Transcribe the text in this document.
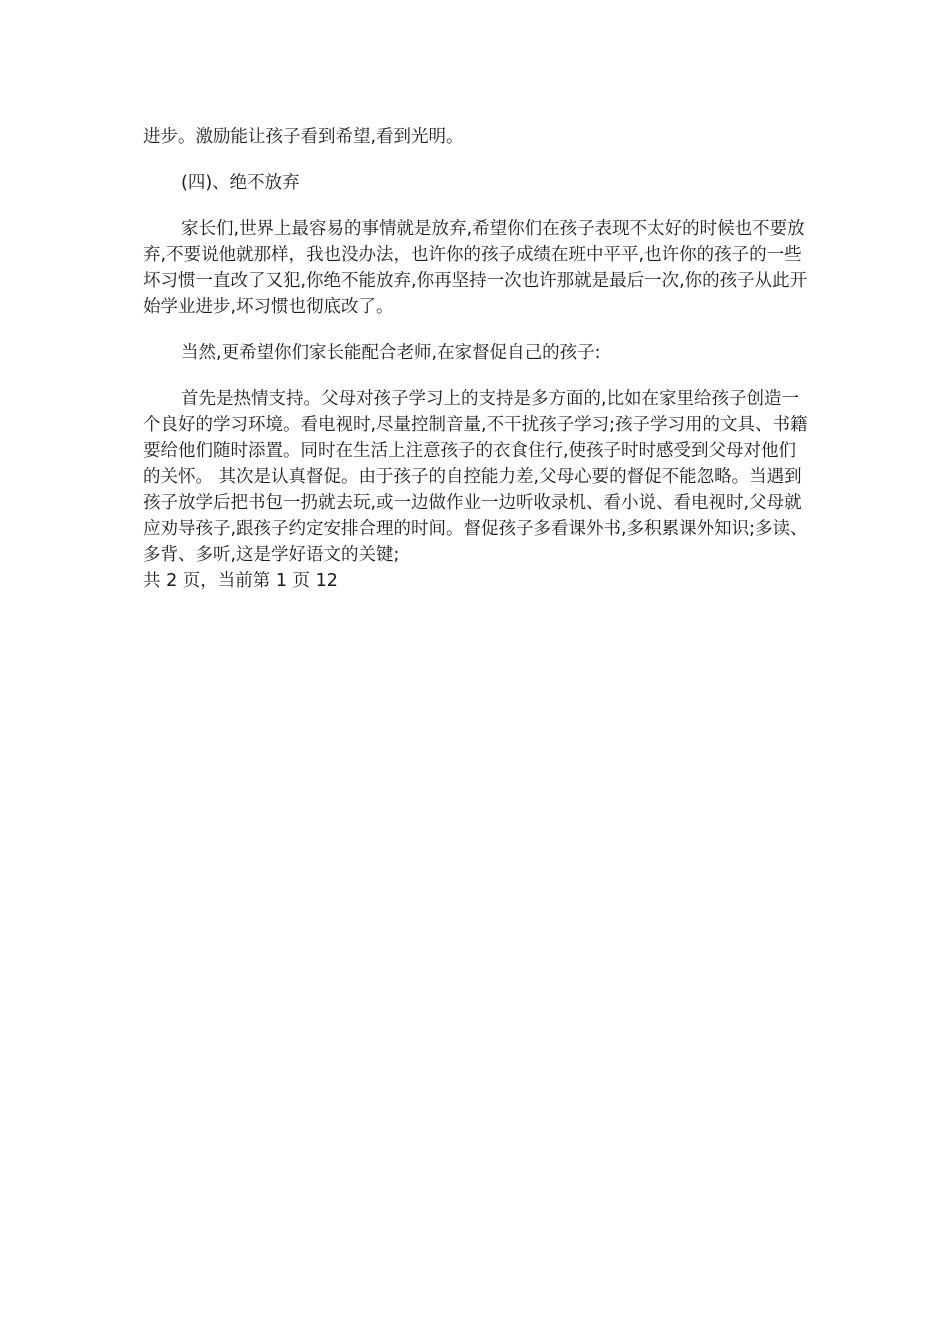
进步。激励能让孩子看到希望,看到光明。

(四)、绝不放弃

家长们,世界上最容易的事情就是放弃,希望你们在孩子表现不太好的时候也不要放弃,不要说他就那样，我也没办法，也许你的孩子成绩在班中平平,也许你的孩子的一些坏习惯一直改了又犯,你绝不能放弃,你再坚持一次也许那就是最后一次,你的孩子从此开始学业进步,坏习惯也彻底改了。

当然,更希望你们家长能配合老师,在家督促自己的孩子:

首先是热情支持。父母对孩子学习上的支持是多方面的,比如在家里给孩子创造一个良好的学习环境。看电视时,尽量控制音量,不干扰孩子学习;孩子学习用的文具、书籍要给他们随时添置。同时在生活上注意孩子的衣食住行,使孩子时时感受到父母对他们的关怀。 其次是认真督促。由于孩子的自控能力差,父母心要的督促不能忽略。当遇到孩子放学后把书包一扔就去玩,或一边做作业一边听收录机、看小说、看电视时,父母就应劝导孩子,跟孩子约定安排合理的时间。督促孩子多看课外书,多积累课外知识;多读、多背、多听,这是学好语文的关键;

共 2 页，当前第 1 页 12
